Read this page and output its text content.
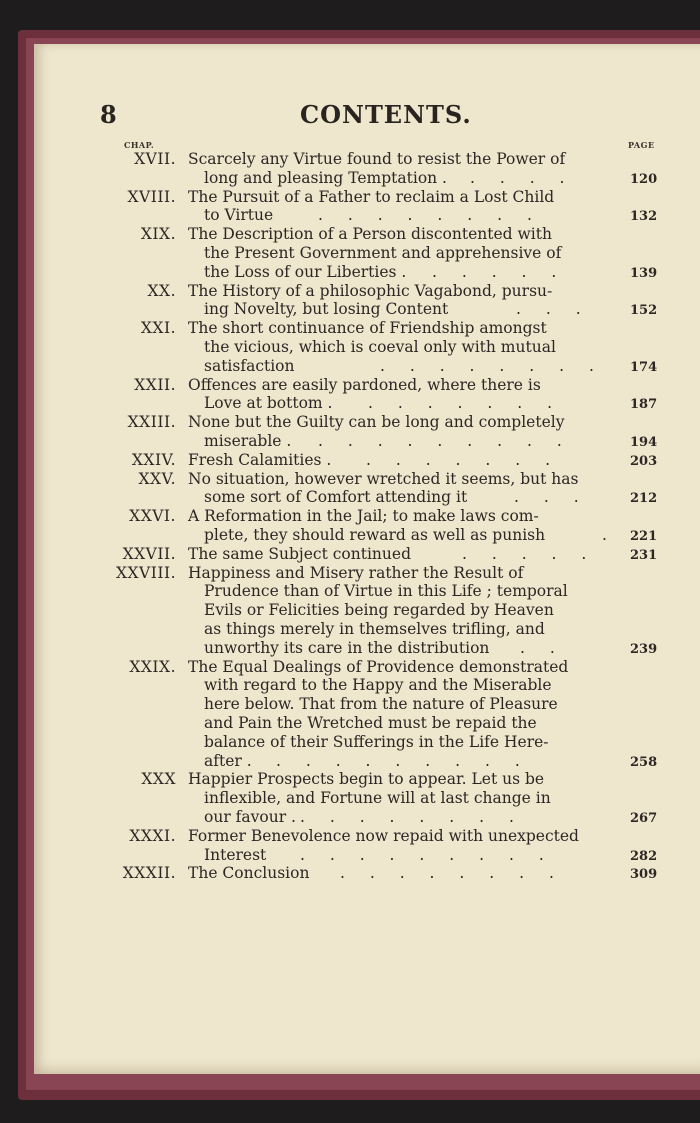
8	CONTENTS.
CHAP.	PAGE
XVII. Scarcely any Virtue found to resist the Power of
long and pleasing Temptation . . . . .	120
XVIII. The Pursuit of a Father to reclaim a Lost Child
to Virtue	. . . . . . . .	132
XIX. The Description of a Person discontented with
the Present Government and apprehensive of
the Loss of our Liberties . . . . . .	139
XX. The History of a philosophic Vagabond, pursu-
ing Novelty, but losing Content	. . .	152
XXI. The short continuance of Friendship amongst
the vicious, which is coeval only with mutual
satisfaction	. . . . . . . . 174
XXII. Offences are easily pardoned, where there is
Love at bottom . . . . . . . .	187
XXIII. None but the Guilty can be long and completely
miserable . . . . . . . . . .	194
XXIV. Fresh Calamities . . . . . . . .	203
XXV. No situation, however wretched it seems, but has
some sort of Comfort attending it	. . .	212
XXVI. A Reformation in the Jail; to make laws com-
plete, they should reward as well as punish	. 221
XXVII. The same Subject continued	. . . . .	231
XXVIII. Happiness and Misery rather the Result of
Prudence than of Virtue in this Life ; temporal
Evils or Felicities being regarded by Heaven
as things merely in themselves trifling, and
unworthy its care in the distribution . .	239
XXIX. The Equal Dealings of Providence demonstrated
with regard to the Happy and the Miserable
here below. That from the nature of Pleasure
and Pain the Wretched must be repaid the
balance of their Sufferings in the Life Here-
after . . . . . . . . . .	258
XXX Happier Prospects begin to appear. Let us be
inflexible, and Fortune will at last change in
our favour . . . . . . . . .	267
XXXI. Former Benevolence now repaid with unexpected
Interest . . . . . . . . .	282
XXXII. The Conclusion . . . . . . . .	309
